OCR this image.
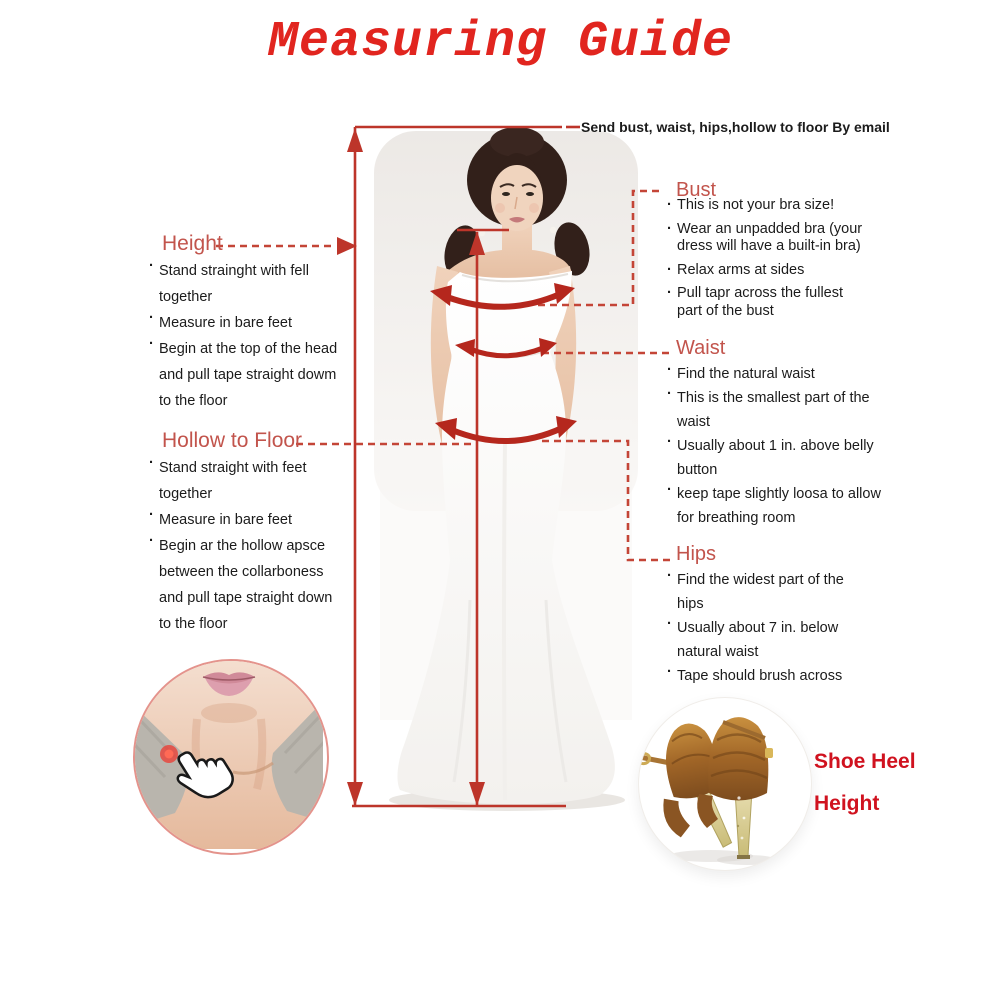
Measuring Guide
Send bust, waist, hips,hollow to floor By email
Height
· Stand strainght with fell
together
· Measure in bare feet
· Begin at the top of the head
and pull tape straight dowm
to the floor
Hollow to Floor
· Stand straight with feet
together
· Measure in bare feet
· Begin ar the hollow apsce
between the collarboness
and pull tape straight down
to the floor
Bust
· This is not your bra size!
· Wear an unpadded bra (your
dress will have a built-in bra)
· Relax arms at sides
· Pull tapr across the fullest
part of the bust
Waist
· Find the natural waist
· This is the smallest part of the
waist
· Usually about 1 in. above belly
button
· keep tape slightly loosa to allow
for breathing room
Hips
· Find the widest part of the
hips
· Usually about 7 in. below
natural waist
· Tape should brush across
Shoe Heel
Height
